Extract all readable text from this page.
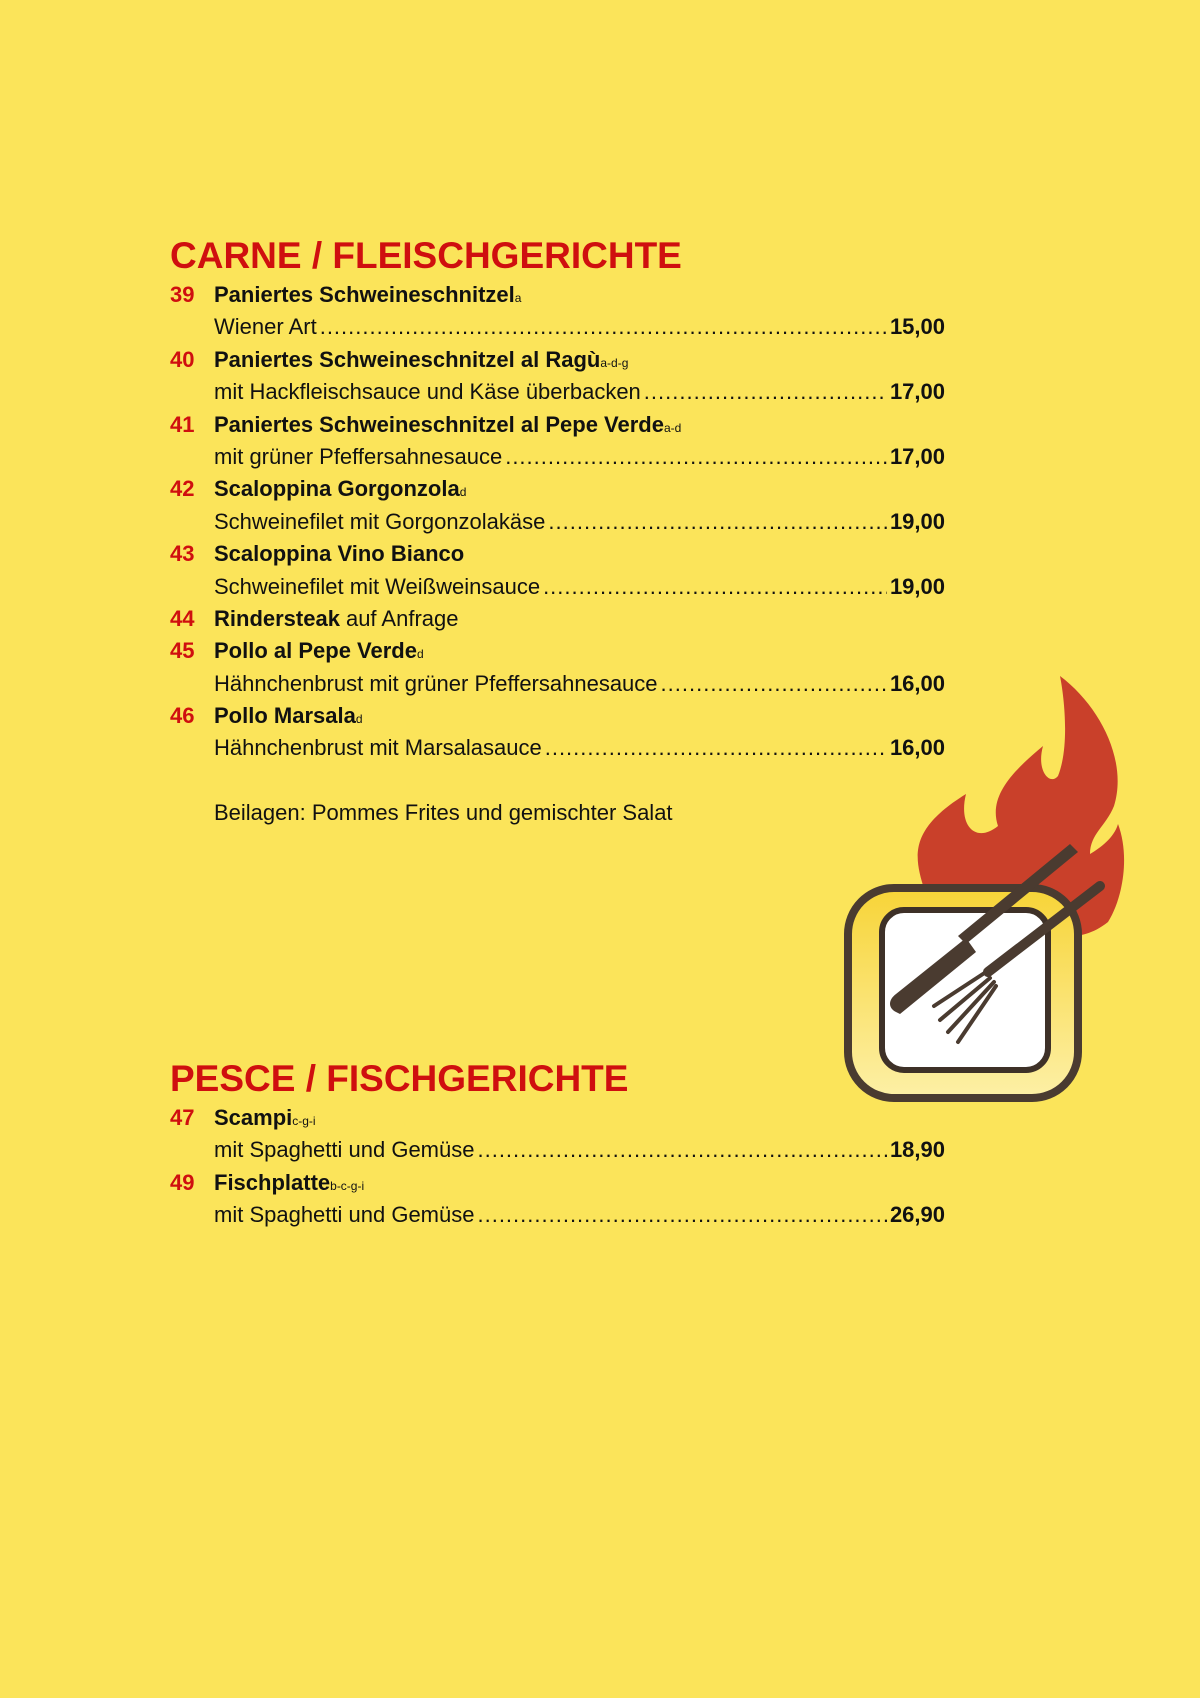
CARNE / FLEISCHGERICHTE
39 Paniertes Schweineschnitzel a
Wiener Art .....	15,00
40 Paniertes Schweineschnitzel al Ragù a-d-g
mit Hackfleischsauce und Käse überbacken .....	17,00
41 Paniertes Schweineschnitzel al Pepe Verde a-d
mit grüner Pfeffersahnesauce .....	17,00
42 Scaloppina Gorgonzola d
Schweinefilet mit Gorgonzolakäse .....	19,00
43 Scaloppina Vino Bianco
Schweinefilet mit Weißweinsauce .....	19,00
44 Rindersteak auf Anfrage
45 Pollo al Pepe Verde d
Hähnchenbrust mit grüner Pfeffersahnesauce .....	16,00
46 Pollo Marsala d
Hähnchenbrust mit Marsalasauce .....	16,00
Beilagen: Pommes Frites und gemischter Salat
PESCE / FISCHGERICHTE
47 Scampi c-g-i
mit Spaghetti und Gemüse .....	18,90
49 Fischplatte b-c-g-i
mit Spaghetti und Gemüse .....	26,90
